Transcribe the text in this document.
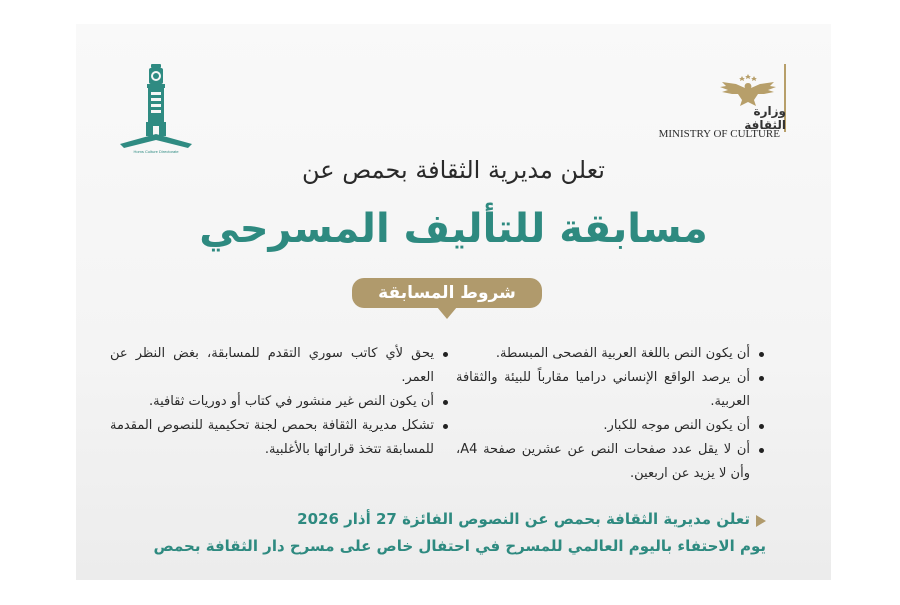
وزارة الثقافة
MINISTRY OF CULTURE
Homs Culture Directorate
تعلن مديرية الثقافة بحمص عن
مسابقة للتأليف المسرحي
شروط المسابقة
أن يكون النص باللغة العربية الفصحى المبسطة.
أن يرصد الواقع الإنساني دراميا مقارباً للبيئة والثقافة العربية.
أن يكون النص موجه للكبار.
أن لا يقل عدد صفحات النص عن عشرين صفحة A4، وأن لا يزيد عن اربعين.
يحق لأي كاتب سوري التقدم للمسابقة، بغض النظر عن العمر.
أن يكون النص غير منشور في كتاب أو دوريات ثقافية.
تشكل مديرية الثقافة بحمص لجنة تحكيمية للنصوص المقدمة للمسابقة تتخذ قراراتها بالأغلبية.
تعلن مديرية الثقافة بحمص عن النصوص الفائزة 27 أذار 2026
يوم الاحتفاء باليوم العالمي للمسرح في احتفال خاص على مسرح دار الثقافة بحمص
